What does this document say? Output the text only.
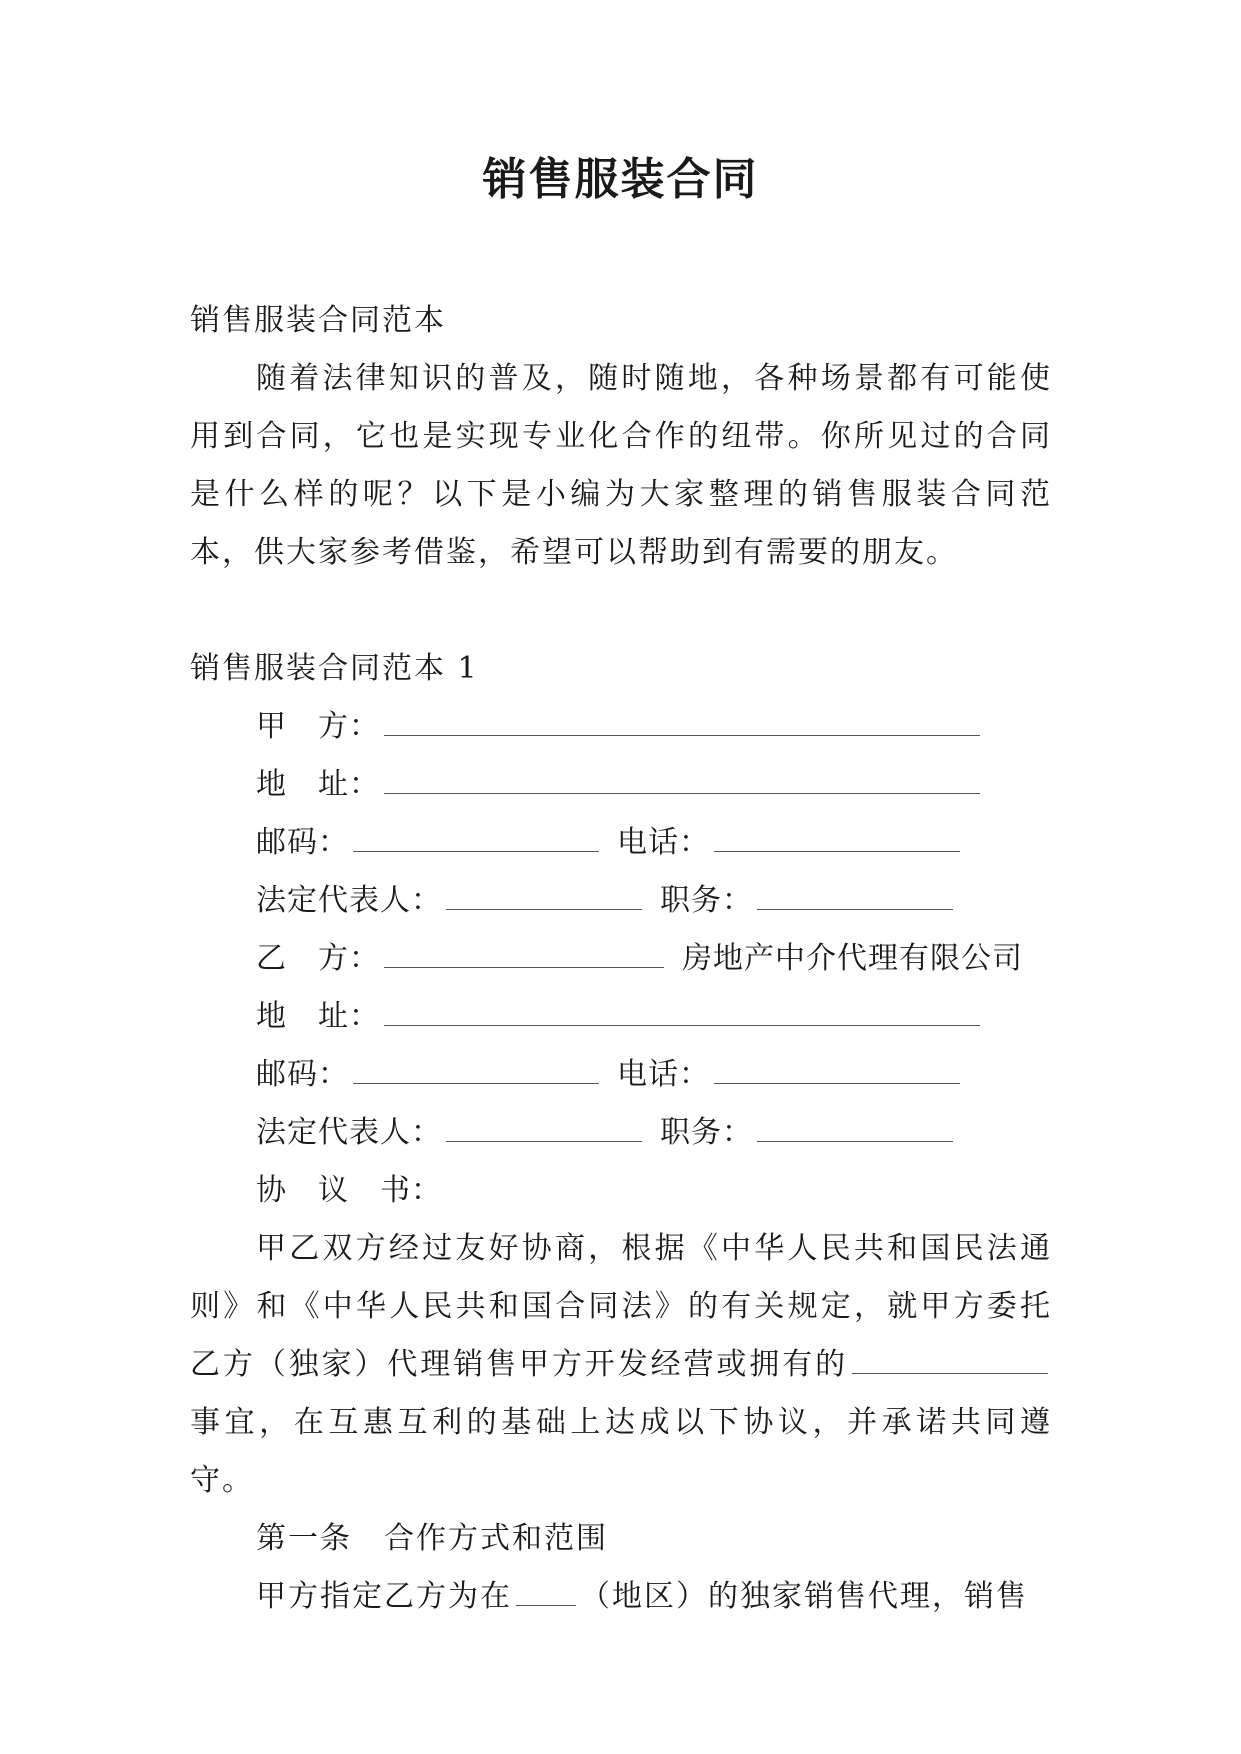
销售服装合同

销售服装合同范本

随着法律知识的普及，随时随地，各种场景都有可能使用到合同，它也是实现专业化合作的纽带。你所见过的合同是什么样的呢？以下是小编为大家整理的销售服装合同范本，供大家参考借鉴，希望可以帮助到有需要的朋友。

销售服装合同范本 1

甲　方：

地　址：

邮码：	电话：

法定代表人：	职务：

乙　方：	房地产中介代理有限公司

地　址：

邮码：	电话：

法定代表人：	职务：

协　议　书：

甲乙双方经过友好协商，根据《中华人民共和国民法通则》和《中华人民共和国合同法》的有关规定，就甲方委托乙方（独家）代理销售甲方开发经营或拥有的事宜，在互惠互利的基础上达成以下协议，并承诺共同遵守。

第一条　合作方式和范围

甲方指定乙方为在 （地区）的独家销售代理，销售
